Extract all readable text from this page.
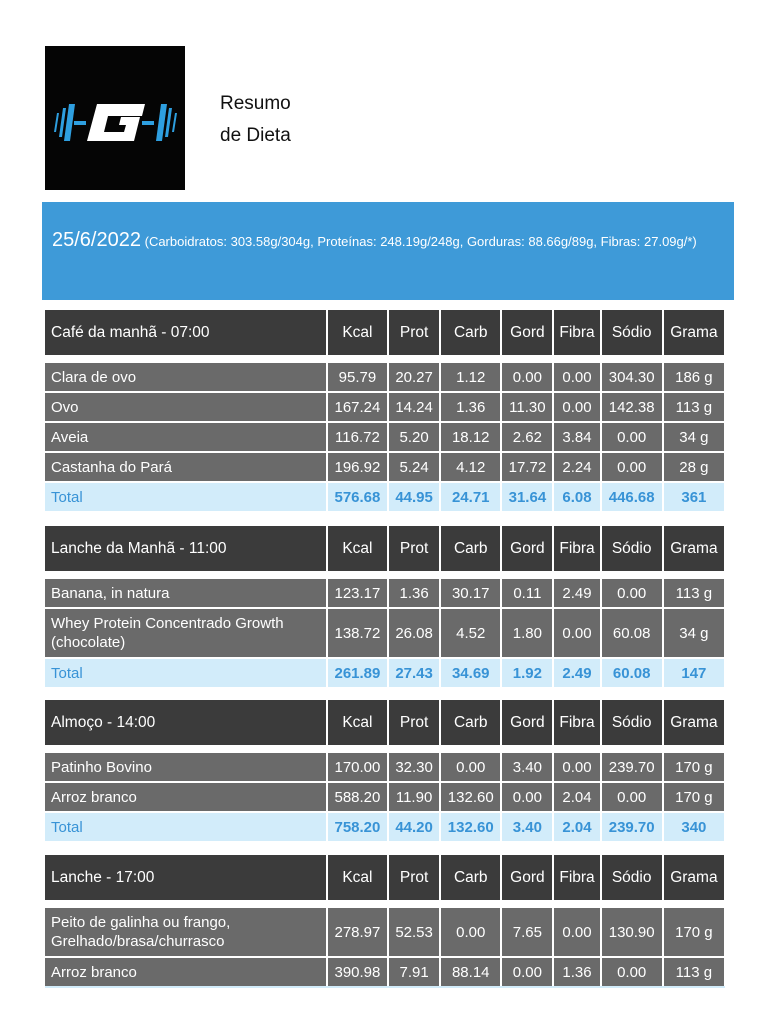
Resumo
de Dieta
25/6/2022 (Carboidratos: 303.58g/304g, Proteínas: 248.19g/248g, Gorduras: 88.66g/89g, Fibras: 27.09g/*)
Café da manhã - 07:00	Kcal	Prot	Carb	Gord	Fibra	Sódio	Grama
Clara de ovo	95.79	20.27	1.12	0.00	0.00	304.30	186 g
Ovo	167.24	14.24	1.36	11.30	0.00	142.38	113 g
Aveia	116.72	5.20	18.12	2.62	3.84	0.00	34 g
Castanha do Pará	196.92	5.24	4.12	17.72	2.24	0.00	28 g
Total	576.68	44.95	24.71	31.64	6.08	446.68	361
Lanche da Manhã - 11:00	Kcal	Prot	Carb	Gord	Fibra	Sódio	Grama
Banana, in natura	123.17	1.36	30.17	0.11	2.49	0.00	113 g
Whey Protein Concentrado Growth (chocolate)	138.72	26.08	4.52	1.80	0.00	60.08	34 g
Total	261.89	27.43	34.69	1.92	2.49	60.08	147
Almoço - 14:00	Kcal	Prot	Carb	Gord	Fibra	Sódio	Grama
Patinho Bovino	170.00	32.30	0.00	3.40	0.00	239.70	170 g
Arroz branco	588.20	11.90	132.60	0.00	2.04	0.00	170 g
Total	758.20	44.20	132.60	3.40	2.04	239.70	340
Lanche - 17:00	Kcal	Prot	Carb	Gord	Fibra	Sódio	Grama
Peito de galinha ou frango, Grelhado/brasa/churrasco	278.97	52.53	0.00	7.65	0.00	130.90	170 g
Arroz branco	390.98	7.91	88.14	0.00	1.36	0.00	113 g
